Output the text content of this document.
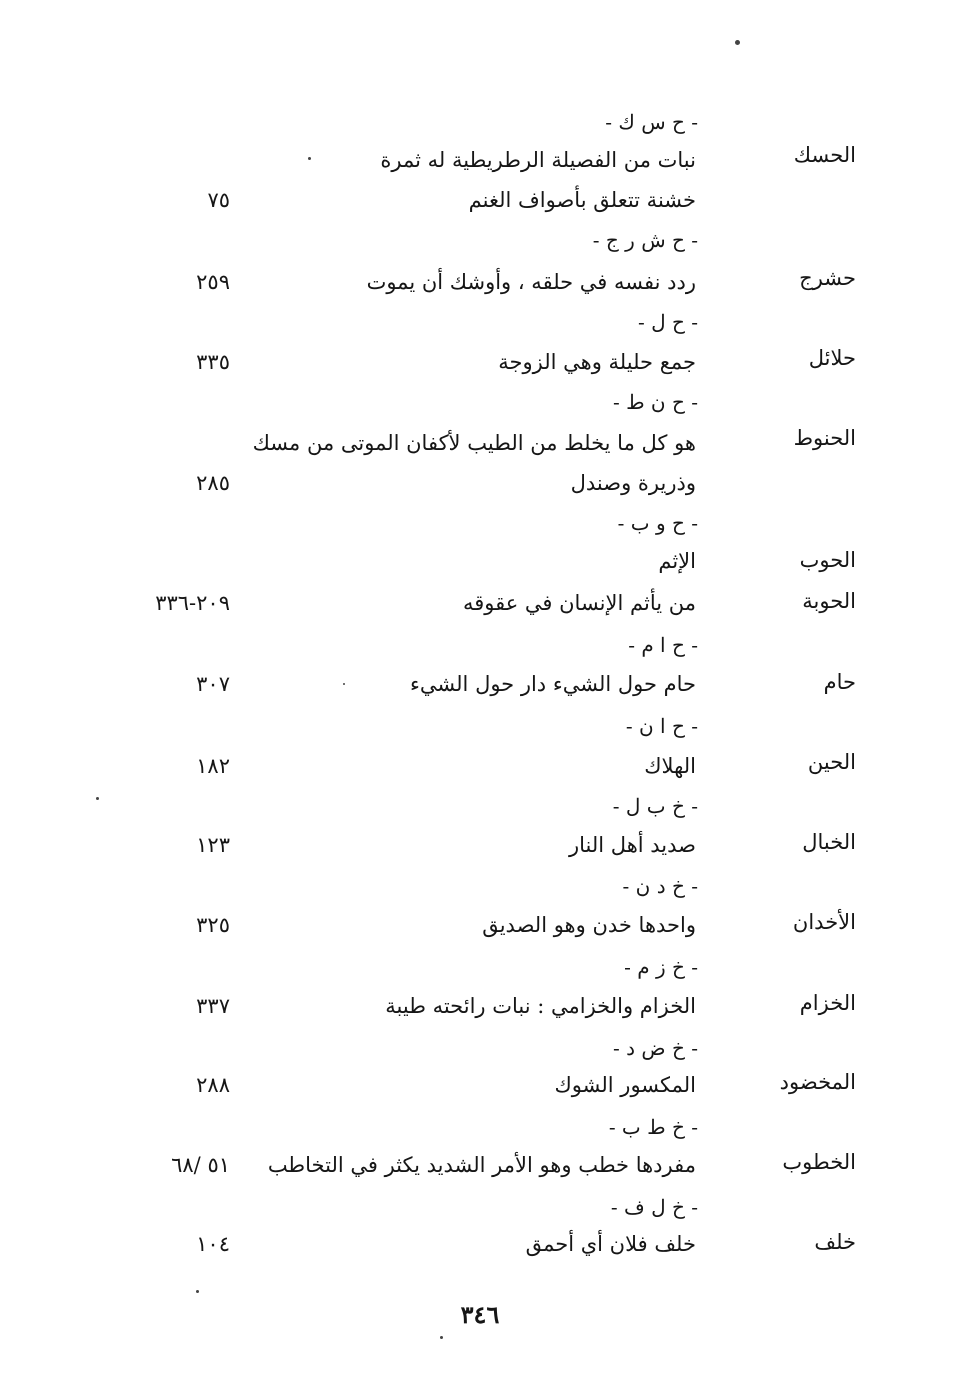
- ح س ك -
الحسك
نبات من الفصيلة الرطريطية له ثمرة
خشنة تتعلق بأصواف الغنم
٧٥
- ح ش ر ج -
حشرج
ردد نفسه في حلقه ، وأوشك أن يموت
٢٥٩
- ح ل -
حلائل
جمع حليلة وهي الزوجة
٣٣٥
- ح ن ط -
الحنوط
هو كل ما يخلط من الطيب لأكفان الموتى من مسك
وذريرة وصندل
٢٨٥
- ح و ب -
الحوب
الإثم
الحوبة
من يأثم الإنسان في عقوقه
٢٠٩-٣٣٦
- ح ا م -
حام
حام حول الشيء دار حول الشيء
٣٠٧
- ح ا ن -
الحين
الهلاك
١٨٢
- خ ب ل -
الخبال
صديد أهل النار
١٢٣
- خ د ن -
الأخدان
واحدها خدن وهو الصديق
٣٢٥
- خ ز م -
الخزام
الخزام والخزامي : نبات رائحته طيبة
٣٣٧
- خ ض د -
المخضود
المكسور الشوك
٢٨٨
- خ ط ب -
الخطوب
مفردها خطب وهو الأمر الشديد يكثر في التخاطب
٥١ /٦٨
- خ ل ف -
خلف
خلف فلان أي أحمق
١٠٤
٣٤٦
